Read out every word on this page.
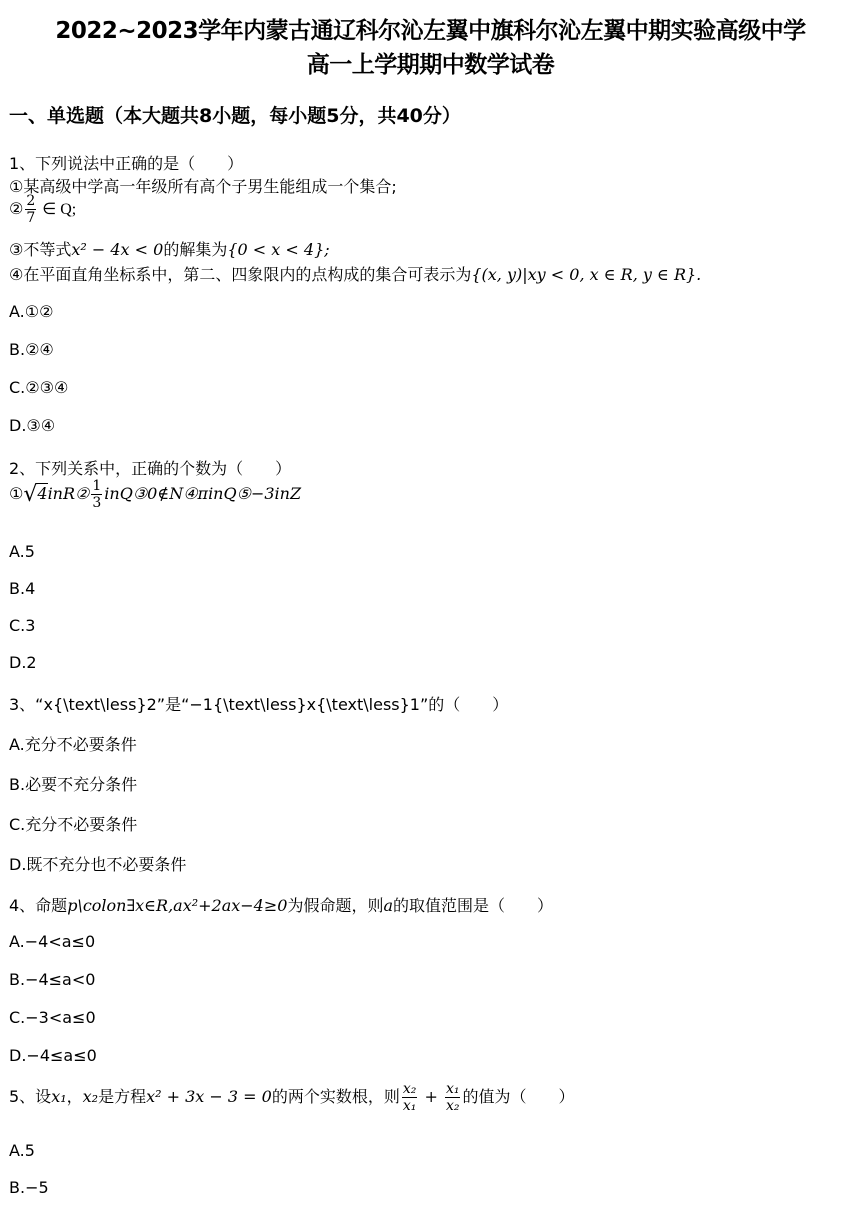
2022~2023学年内蒙古通辽科尔沁左翼中旗科尔沁左翼中期实验高级中学
高一上学期期中数学试卷
一、单选题（本大题共8小题，每小题5分，共40分）
1、下列说法中正确的是（　　）
①某高级中学高一年级所有高个子男生能组成一个集合;
② $\frac{2}{7}$ ∈ Q;
③不等式x² − 4x < 0的解集为{0 < x < 4};
④在平面直角坐标系中，第二、四象限内的点构成的集合可表示为{(x, y)|xy < 0, x ∈ R, y ∈ R}.
A.①②
B.②④
C.②③④
D.③④
2、下列关系中，正确的个数为（　　）
①√4inR② $\frac{1}{3}$ inQ③0∉N④πinQ⑤−3inZ
A.5
B.4
C.3
D.2
3、“x{\text\less}2”是“−1{\text\less}x{\text\less}1”的（　　）
A.充分不必要条件
B.必要不充分条件
C.充分不必要条件
D.既不充分也不必要条件
4、命题p\colon∃x∈R,ax²+2ax−4≥0为假命题，则a的取值范围是（　　）
A.−4<a≤0
B.−4≤a<0
C.−3<a≤0
D.−4≤a≤0
5、设x₁，x₂是方程x² + 3x − 3 = 0的两个实数根，则 $\frac{\text{x₂}}{\text{x₁}} + \frac{\text{x₁}}{\text{x₂}}$ 的值为（　　）
A.5
B.−5
